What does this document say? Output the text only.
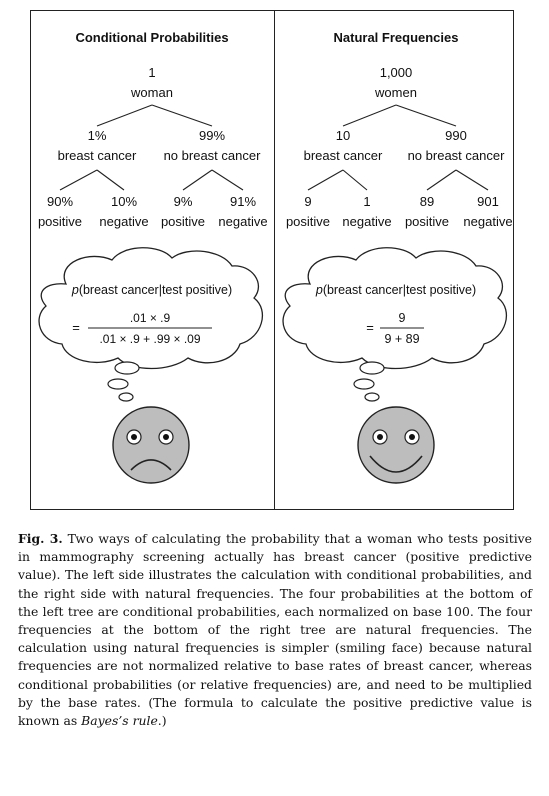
Conditional Probabilities
1
woman
1%
breast cancer
99%
no breast cancer
90%
positive
10%
negative
9%
positive
91%
negative
p(breast cancer|test positive)
=
.01 × .9
.01 × .9 + .99 × .09
Natural Frequencies
1,000
women
10
breast cancer
990
no breast cancer
9
positive
1
negative
89
positive
901
negative
p(breast cancer|test positive)
=
9
9 + 89
Fig. 3. Two ways of calculating the probability that a woman who tests positive in mammography screening actually has breast cancer (positive predictive value). The left side illustrates the calculation with conditional probabilities, and the right side with natural frequencies. The four probabilities at the bottom of the left tree are conditional probabilities, each normalized on base 100. The four frequencies at the bottom of the right tree are natural frequencies. The calculation using natural frequencies is simpler (smiling face) because natural frequencies are not normalized relative to base rates of breast cancer, whereas conditional probabilities (or relative frequencies) are, and need to be multiplied by the base rates. (The formula to calculate the positive predictive value is known as Bayes’s rule.)
